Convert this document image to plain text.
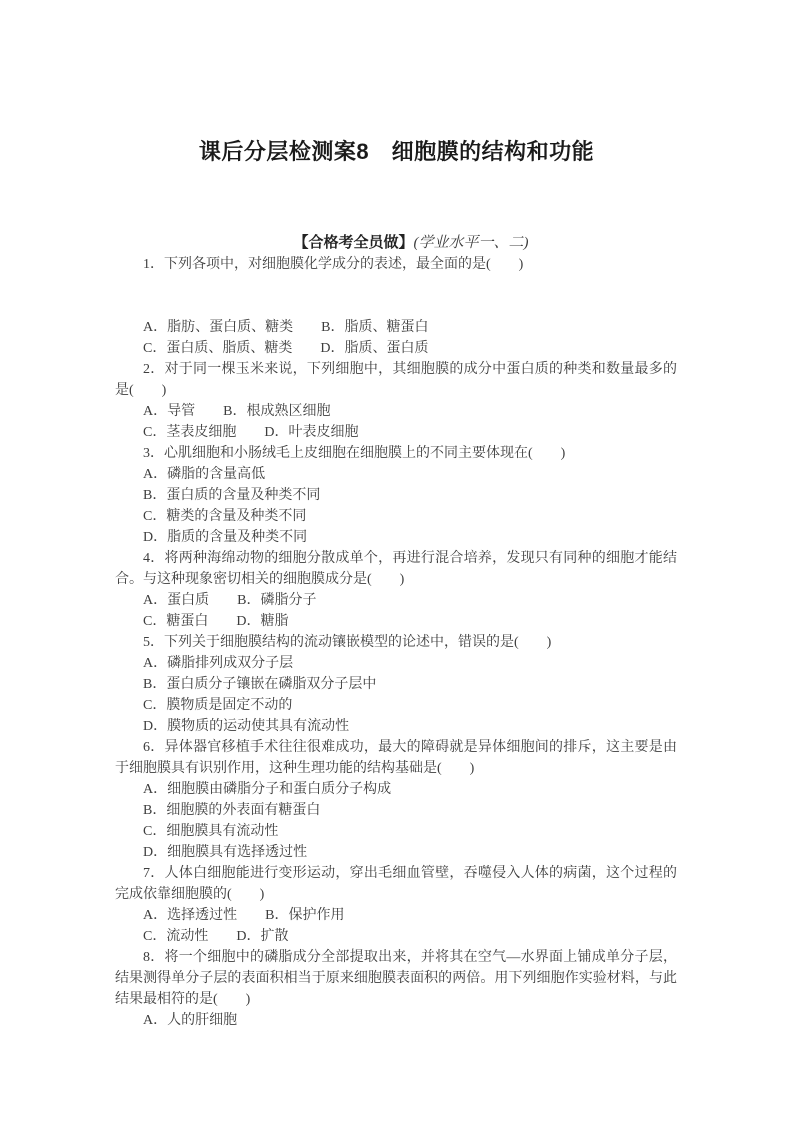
课后分层检测案8　细胞膜的结构和功能

【合格考全员做】(学业水平一、二)

1．下列各项中，对细胞膜化学成分的表述，最全面的是(　　)

A．脂肪、蛋白质、糖类　　B．脂质、糖蛋白

C．蛋白质、脂质、糖类　　D．脂质、蛋白质

2．对于同一棵玉米来说，下列细胞中，其细胞膜的成分中蛋白质的种类和数量最多的是(　　)

A．导管　　B．根成熟区细胞

C．茎表皮细胞　　D．叶表皮细胞

3．心肌细胞和小肠绒毛上皮细胞在细胞膜上的不同主要体现在(　　)

A．磷脂的含量高低

B．蛋白质的含量及种类不同

C．糖类的含量及种类不同

D．脂质的含量及种类不同

4．将两种海绵动物的细胞分散成单个，再进行混合培养，发现只有同种的细胞才能结合。与这种现象密切相关的细胞膜成分是(　　)

A．蛋白质　　B．磷脂分子

C．糖蛋白　　D．糖脂

5．下列关于细胞膜结构的流动镶嵌模型的论述中，错误的是(　　)

A．磷脂排列成双分子层

B．蛋白质分子镶嵌在磷脂双分子层中

C．膜物质是固定不动的

D．膜物质的运动使其具有流动性

6．异体器官移植手术往往很难成功，最大的障碍就是异体细胞间的排斥，这主要是由于细胞膜具有识别作用，这种生理功能的结构基础是(　　)

A．细胞膜由磷脂分子和蛋白质分子构成

B．细胞膜的外表面有糖蛋白

C．细胞膜具有流动性

D．细胞膜具有选择透过性

7．人体白细胞能进行变形运动，穿出毛细血管壁，吞噬侵入人体的病菌，这个过程的完成依靠细胞膜的(　　)

A．选择透过性　　B．保护作用

C．流动性　　D．扩散

8．将一个细胞中的磷脂成分全部提取出来，并将其在空气—水界面上铺成单分子层，结果测得单分子层的表面积相当于原来细胞膜表面积的两倍。用下列细胞作实验材料，与此结果最相符的是(　　)

A．人的肝细胞
